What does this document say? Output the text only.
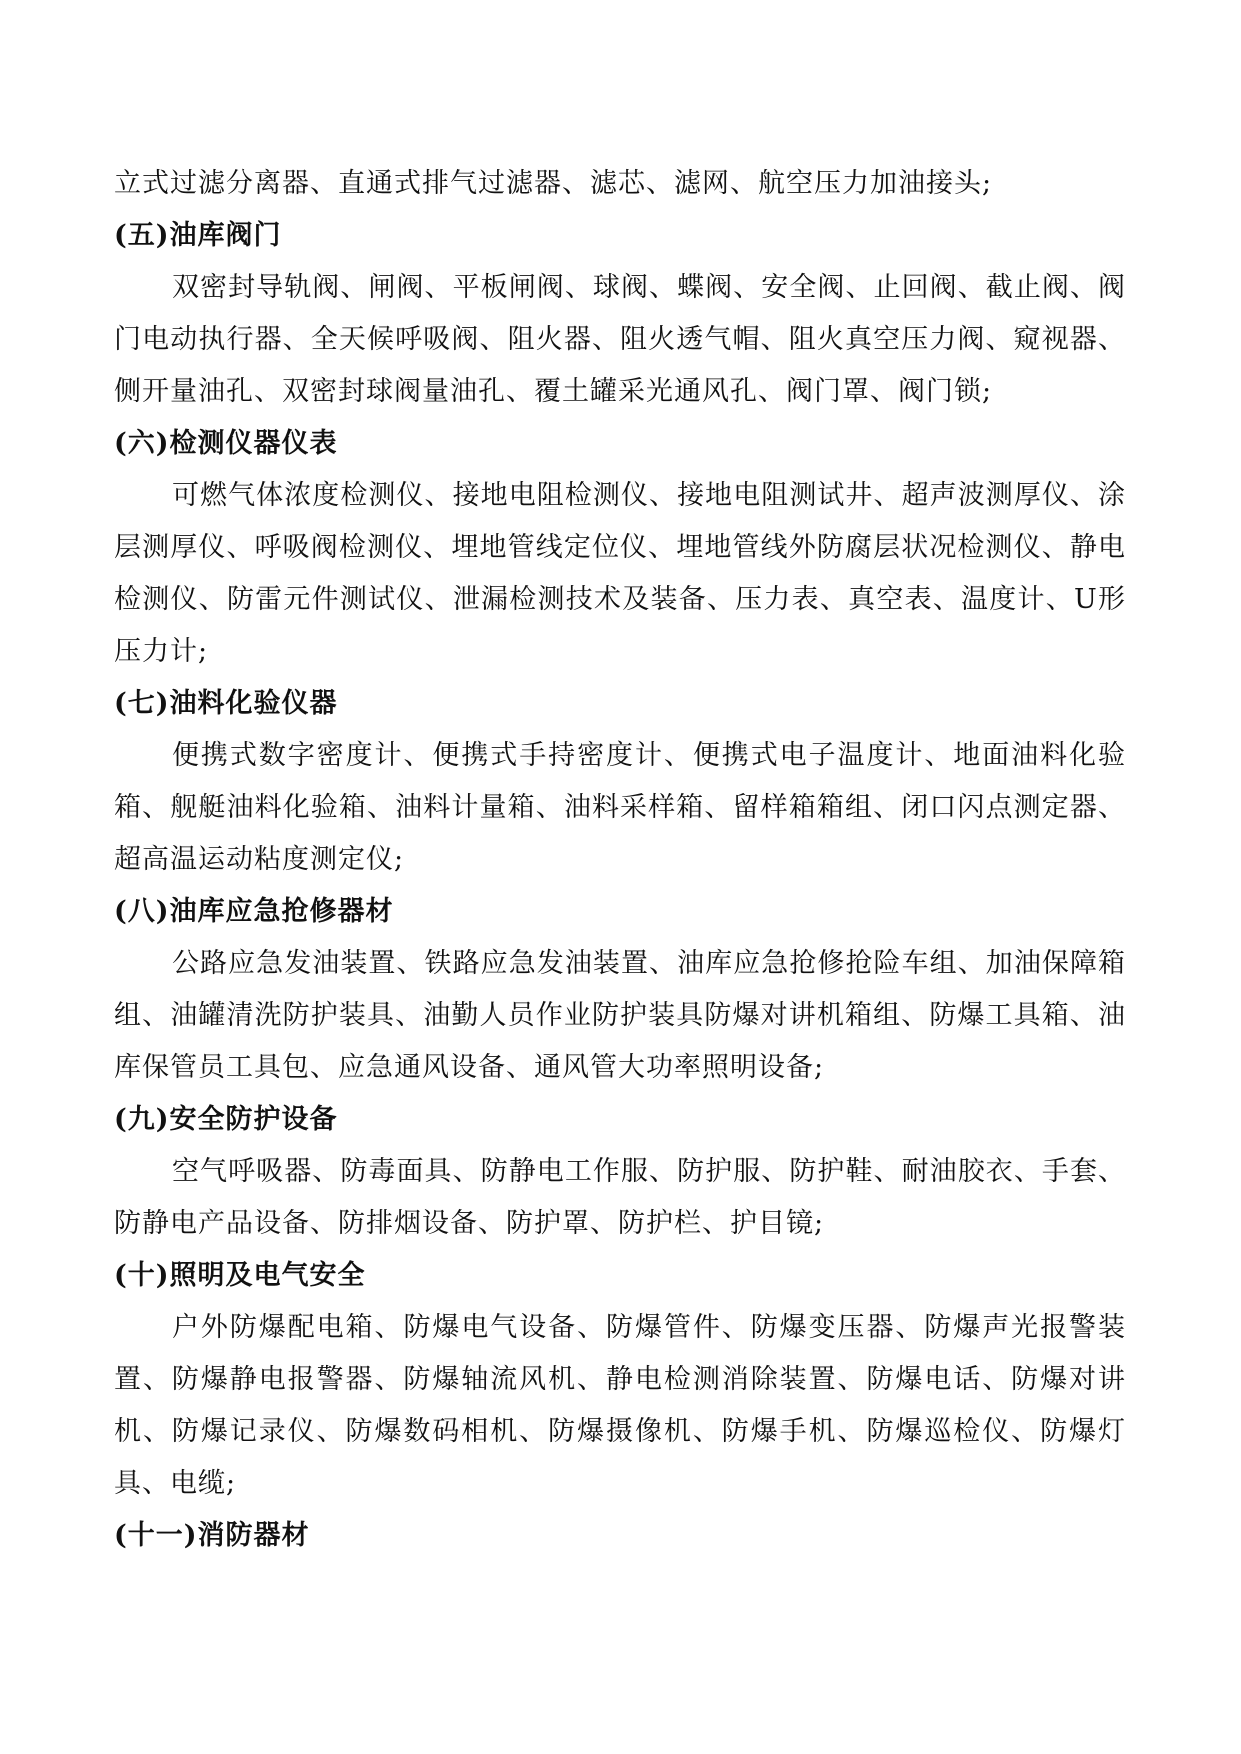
立式过滤分离器、直通式排气过滤器、滤芯、滤网、航空压力加油接头;

(五)油库阀门

双密封导轨阀、闸阀、平板闸阀、球阀、蝶阀、安全阀、止回阀、截止阀、阀门电动执行器、全天候呼吸阀、阻火器、阻火透气帽、阻火真空压力阀、窥视器、侧开量油孔、双密封球阀量油孔、覆土罐采光通风孔、阀门罩、阀门锁;

(六)检测仪器仪表

可燃气体浓度检测仪、接地电阻检测仪、接地电阻测试井、超声波测厚仪、涂层测厚仪、呼吸阀检测仪、埋地管线定位仪、埋地管线外防腐层状况检测仪、静电检测仪、防雷元件测试仪、泄漏检测技术及装备、压力表、真空表、温度计、U形压力计;

(七)油料化验仪器

便携式数字密度计、便携式手持密度计、便携式电子温度计、地面油料化验箱、舰艇油料化验箱、油料计量箱、油料采样箱、留样箱箱组、闭口闪点测定器、超高温运动粘度测定仪;

(八)油库应急抢修器材

公路应急发油装置、铁路应急发油装置、油库应急抢修抢险车组、加油保障箱组、油罐清洗防护装具、油勤人员作业防护装具防爆对讲机箱组、防爆工具箱、油库保管员工具包、应急通风设备、通风管大功率照明设备;

(九)安全防护设备

空气呼吸器、防毒面具、防静电工作服、防护服、防护鞋、耐油胶衣、手套、防静电产品设备、防排烟设备、防护罩、防护栏、护目镜;

(十)照明及电气安全

户外防爆配电箱、防爆电气设备、防爆管件、防爆变压器、防爆声光报警装置、防爆静电报警器、防爆轴流风机、静电检测消除装置、防爆电话、防爆对讲机、防爆记录仪、防爆数码相机、防爆摄像机、防爆手机、防爆巡检仪、防爆灯具、电缆;

(十一)消防器材
